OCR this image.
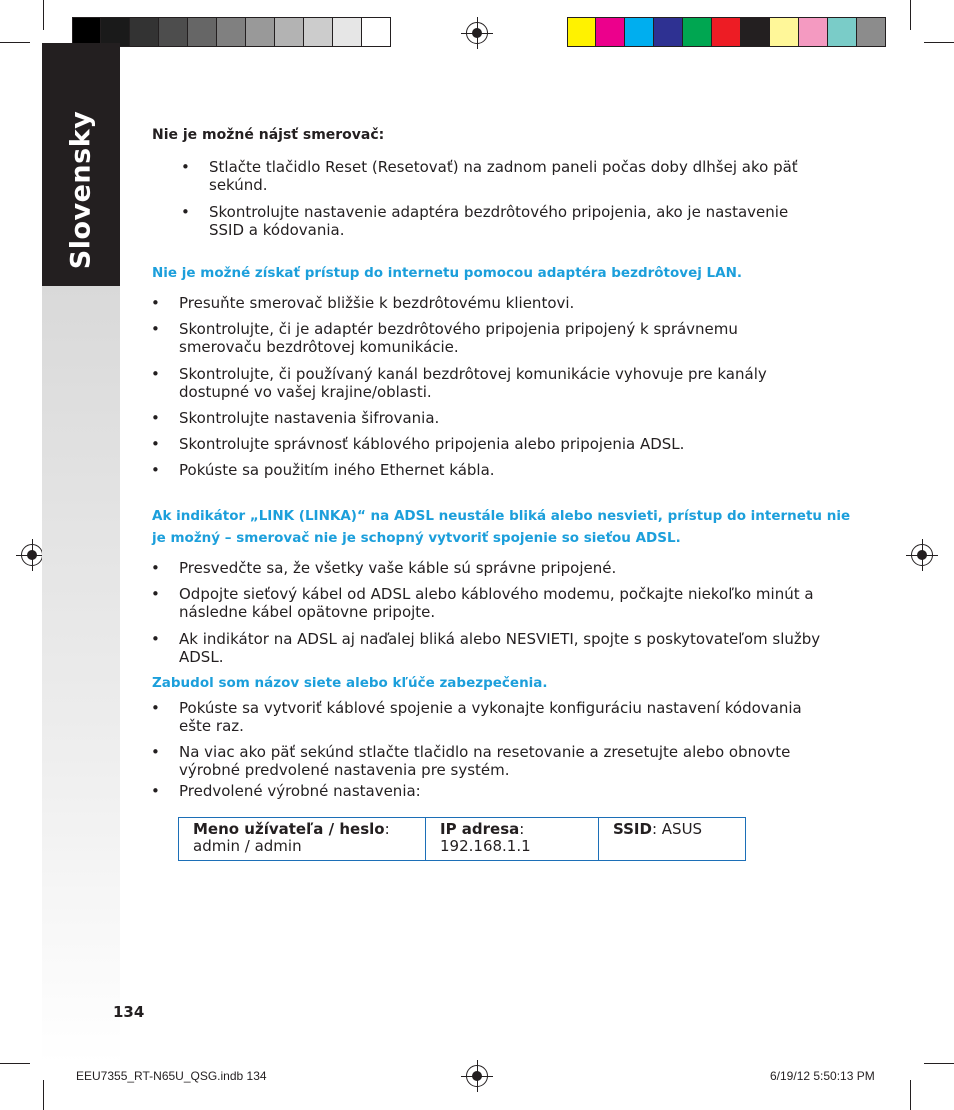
Slovensky	Nie je možné nájsť smerovač:
• Stlačte tlačidlo Reset (Resetovať) na zadnom paneli počas doby dlhšej ako päť sekúnd.
• Skontrolujte nastavenie adaptéra bezdrôtového pripojenia, ako je nastavenie SSID a kódovania.
Nie je možné získať prístup do internetu pomocou adaptéra bezdrôtovej LAN.
• Presuňte smerovač bližšie k bezdrôtovému klientovi.
• Skontrolujte, či je adaptér bezdrôtového pripojenia pripojený k správnemu smerovaču bezdrôtovej komunikácie.
• Skontrolujte, či používaný kanál bezdrôtovej komunikácie vyhovuje pre kanály dostupné vo vašej krajine/oblasti.
• Skontrolujte nastavenia šifrovania.
• Skontrolujte správnosť káblového pripojenia alebo pripojenia ADSL.
• Pokúste sa použitím iného Ethernet kábla.
Ak indikátor „LINK (LINKA)“ na ADSL neustále bliká alebo nesvieti, prístup do internetu nie
je možný – smerovač nie je schopný vytvoriť spojenie so sieťou ADSL.
• Presvedčte sa, že všetky vaše káble sú správne pripojené.
• Odpojte sieťový kábel od ADSL alebo káblového modemu, počkajte niekoľko minút a následne kábel opätovne pripojte.
• Ak indikátor na ADSL aj naďalej bliká alebo NESVIETI, spojte s poskytovateľom služby ADSL.
Zabudol som názov siete alebo kľúče zabezpečenia.
• Pokúste sa vytvoriť káblové spojenie a vykonajte konfiguráciu nastavení kódovania ešte raz.
• Na viac ako päť sekúnd stlačte tlačidlo na resetovanie a zresetujte alebo obnovte výrobné predvolené nastavenia pre systém.
• Predvolené výrobné nastavenia:
Meno užívateľa / heslo:
admin / admin
IP adresa:
192.168.1.1
SSID: ASUS
134
EEU7355_RT-N65U_QSG.indb 134	6/19/12 5:50:13 PM
